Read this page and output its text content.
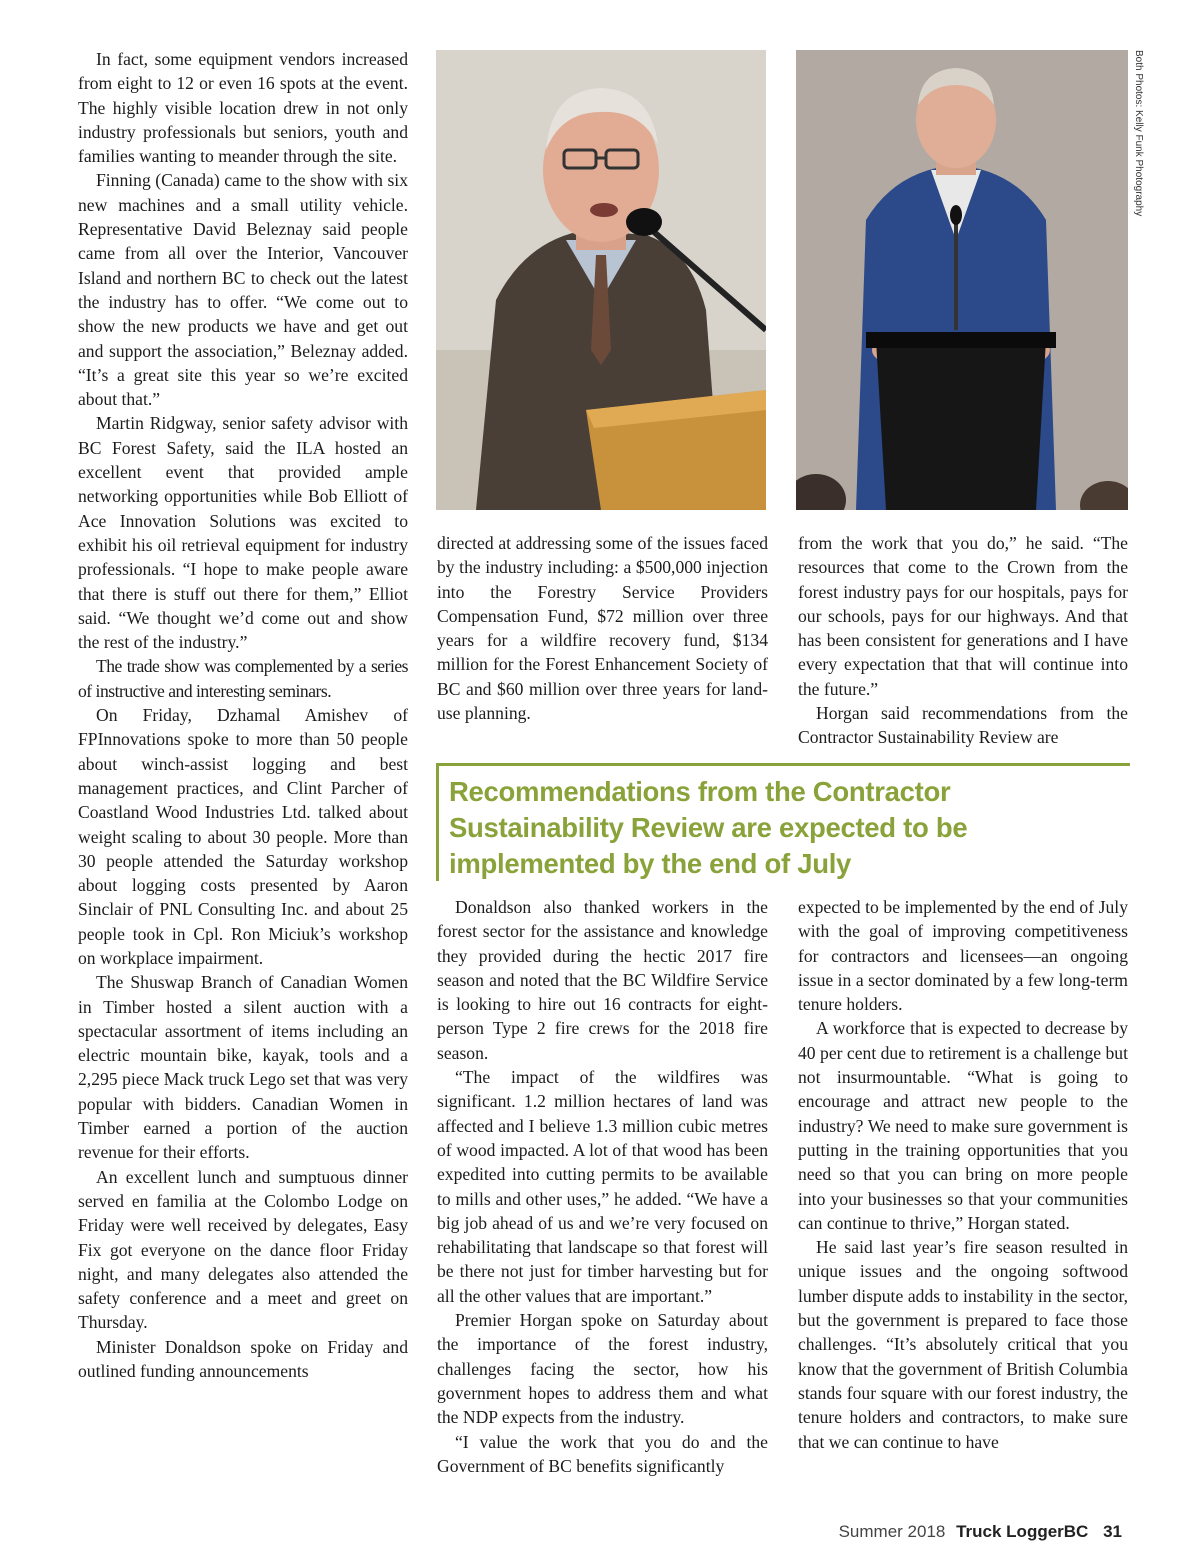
In fact, some equipment vendors increased from eight to 12 or even 16 spots at the event. The highly visible location drew in not only industry professionals but seniors, youth and families wanting to meander through the site.

Finning (Canada) came to the show with six new machines and a small utility vehicle. Representative David Beleznay said people came from all over the Interior, Vancouver Island and northern BC to check out the latest the industry has to offer. “We come out to show the new products we have and get out and support the association,” Beleznay added. “It’s a great site this year so we’re excited about that.”

Martin Ridgway, senior safety advisor with BC Forest Safety, said the ILA hosted an excellent event that provided ample networking opportunities while Bob Elliott of Ace Innovation Solutions was excited to exhibit his oil retrieval equipment for industry professionals. “I hope to make people aware that there is stuff out there for them,” Elliot said. “We thought we’d come out and show the rest of the industry.”

The trade show was complemented by a series of instructive and interesting seminars.

On Friday, Dzhamal Amishev of FPInnovations spoke to more than 50 people about winch-assist logging and best management practices, and Clint Parcher of Coastland Wood Industries Ltd. talked about weight scaling to about 30 people. More than 30 people attended the Saturday workshop about logging costs presented by Aaron Sinclair of PNL Consulting Inc. and about 25 people took in Cpl. Ron Miciuk’s workshop on workplace impairment.

The Shuswap Branch of Canadian Women in Timber hosted a silent auction with a spectacular assortment of items including an electric mountain bike, kayak, tools and a 2,295 piece Mack truck Lego set that was very popular with bidders. Canadian Women in Timber earned a portion of the auction revenue for their efforts.

An excellent lunch and sumptuous dinner served en familia at the Colombo Lodge on Friday were well received by delegates, Easy Fix got everyone on the dance floor Friday night, and many delegates also attended the safety conference and a meet and greet on Thursday.

Minister Donaldson spoke on Friday and outlined funding announcements

Both Photos: Kelly Funk Photography

directed at addressing some of the issues faced by the industry including: a $500,000 injection into the Forestry Service Providers Compensation Fund, $72 million over three years for a wildfire recovery fund, $134 million for the Forest Enhancement Society of BC and $60 million over three years for land-use planning.

from the work that you do,” he said. “The resources that come to the Crown from the forest industry pays for our hospitals, pays for our schools, pays for our highways. And that has been consistent for generations and I have every expectation that that will continue into the future.”

Horgan said recommendations from the Contractor Sustainability Review are

Recommendations from the Contractor Sustainability Review are expected to be implemented by the end of July

Donaldson also thanked workers in the forest sector for the assistance and knowledge they provided during the hectic 2017 fire season and noted that the BC Wildfire Service is looking to hire out 16 contracts for eight-person Type 2 fire crews for the 2018 fire season.

“The impact of the wildfires was significant. 1.2 million hectares of land was affected and I believe 1.3 million cubic metres of wood impacted. A lot of that wood has been expedited into cutting permits to be available to mills and other uses,” he added. “We have a big job ahead of us and we’re very focused on rehabilitating that landscape so that forest will be there not just for timber harvesting but for all the other values that are important.”

Premier Horgan spoke on Saturday about the importance of the forest industry, challenges facing the sector, how his government hopes to address them and what the NDP expects from the industry.

“I value the work that you do and the Government of BC benefits significantly

expected to be implemented by the end of July with the goal of improving competitiveness for contractors and licensees—an ongoing issue in a sector dominated by a few long-term tenure holders.

A workforce that is expected to decrease by 40 per cent due to retirement is a challenge but not insurmountable. “What is going to encourage and attract new people to the industry? We need to make sure government is putting in the training opportunities that you need so that you can bring on more people into your businesses so that your communities can continue to thrive,” Horgan stated.

He said last year’s fire season resulted in unique issues and the ongoing softwood lumber dispute adds to instability in the sector, but the government is prepared to face those challenges. “It’s absolutely critical that you know that the government of British Columbia stands four square with our forest industry, the tenure holders and contractors, to make sure that we can continue to have

Summer 2018 Truck LoggerBC 31
